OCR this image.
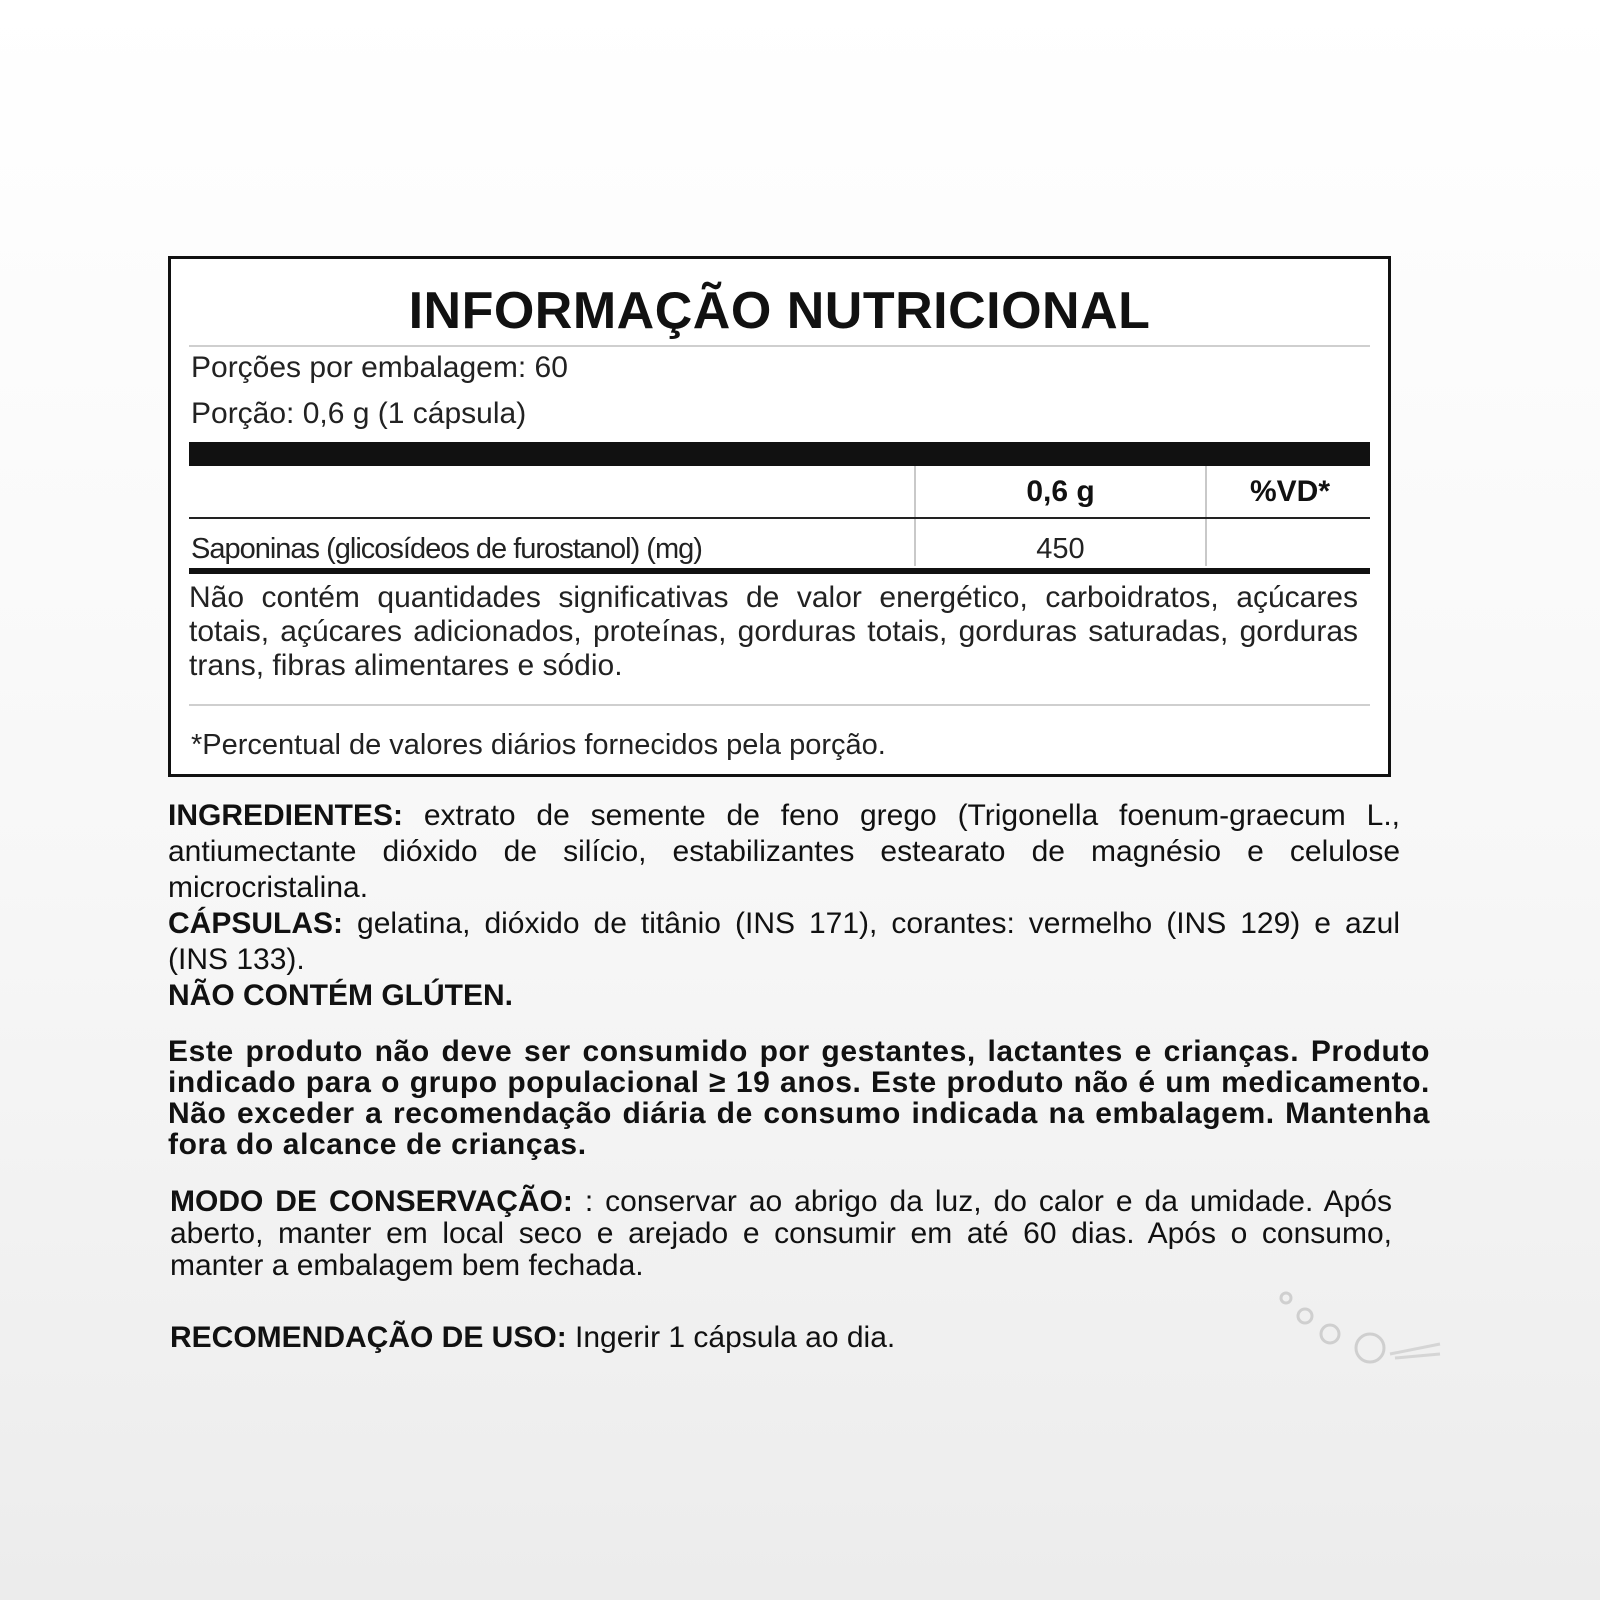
INFORMAÇÃO NUTRICIONAL
Porções por embalagem: 60
Porção: 0,6 g (1 cápsula)
0,6 g	%VD*
Saponinas (glicosídeos de furostanol) (mg)	450
Não contém quantidades significativas de valor energético, carboidratos, açúcares totais, açúcares adicionados, proteínas, gorduras totais, gorduras saturadas, gorduras trans, fibras alimentares e sódio.
*Percentual de valores diários fornecidos pela porção.
INGREDIENTES: extrato de semente de feno grego (Trigonella foenum-graecum L., antiumectante dióxido de silício, estabilizantes estearato de magnésio e celulose microcristalina.
CÁPSULAS: gelatina, dióxido de titânio (INS 171), corantes: vermelho (INS 129) e azul (INS 133).
NÃO CONTÉM GLÚTEN.
Este produto não deve ser consumido por gestantes, lactantes e crianças. Produto indicado para o grupo populacional ≥ 19 anos. Este produto não é um medicamento. Não exceder a recomendação diária de consumo indicada na embalagem. Mantenha fora do alcance de crianças.
MODO DE CONSERVAÇÃO: : conservar ao abrigo da luz, do calor e da umidade. Após aberto, manter em local seco e arejado e consumir em até 60 dias. Após o consumo, manter a embalagem bem fechada.
RECOMENDAÇÃO DE USO: Ingerir 1 cápsula ao dia.
